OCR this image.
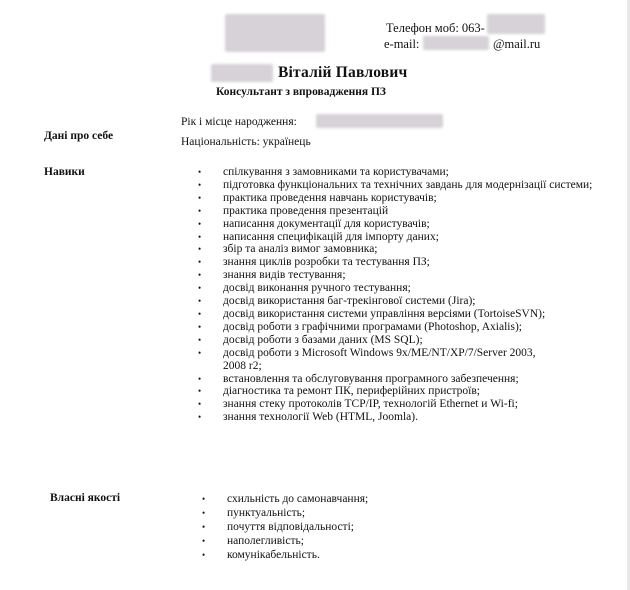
Телефон моб: 063-
e-mail:	@mail.ru
Віталій Павлович
Консультант з впровадження ПЗ
Дані про себе
Рік і місце народження:
Національність: українець
Навики	• спілкування з замовниками та користувачами;
• підготовка функціональних та технічних завдань для модернізації системи;
• практика проведення навчань користувачів;
• практика проведення презентацій
• написання документації для користувачів;
• написання специфікацій для імпорту даних;
• збір та аналіз вимог замовника;
• знання циклів розробки та тестування ПЗ;
• знання видів тестування;
• досвід виконання ручного тестування;
• досвід використання баг-трекінгової системи (Jira);
• досвід використання системи управління версіями (TortoiseSVN);
• досвід роботи з графічними програмами (Photoshop, Axialis);
• досвід роботи з базами даних (MS SQL);
• досвід роботи з Microsoft Windows 9x/ME/NT/XP/7/Server 2003, 2008 r2;
• встановлення та обслуговування програмного забезпечення;
• діагностика та ремонт ПК, периферійних пристроїв;
• знання стеку протоколів TCP/IP, технологій Ethernet и Wi-fi;
• знання технології Web (HTML, Joomla).
Власні якості	• схильність до самонавчання;
• пунктуальність;
• почуття відповідальності;
• наполегливість;
• комунікабельність.
